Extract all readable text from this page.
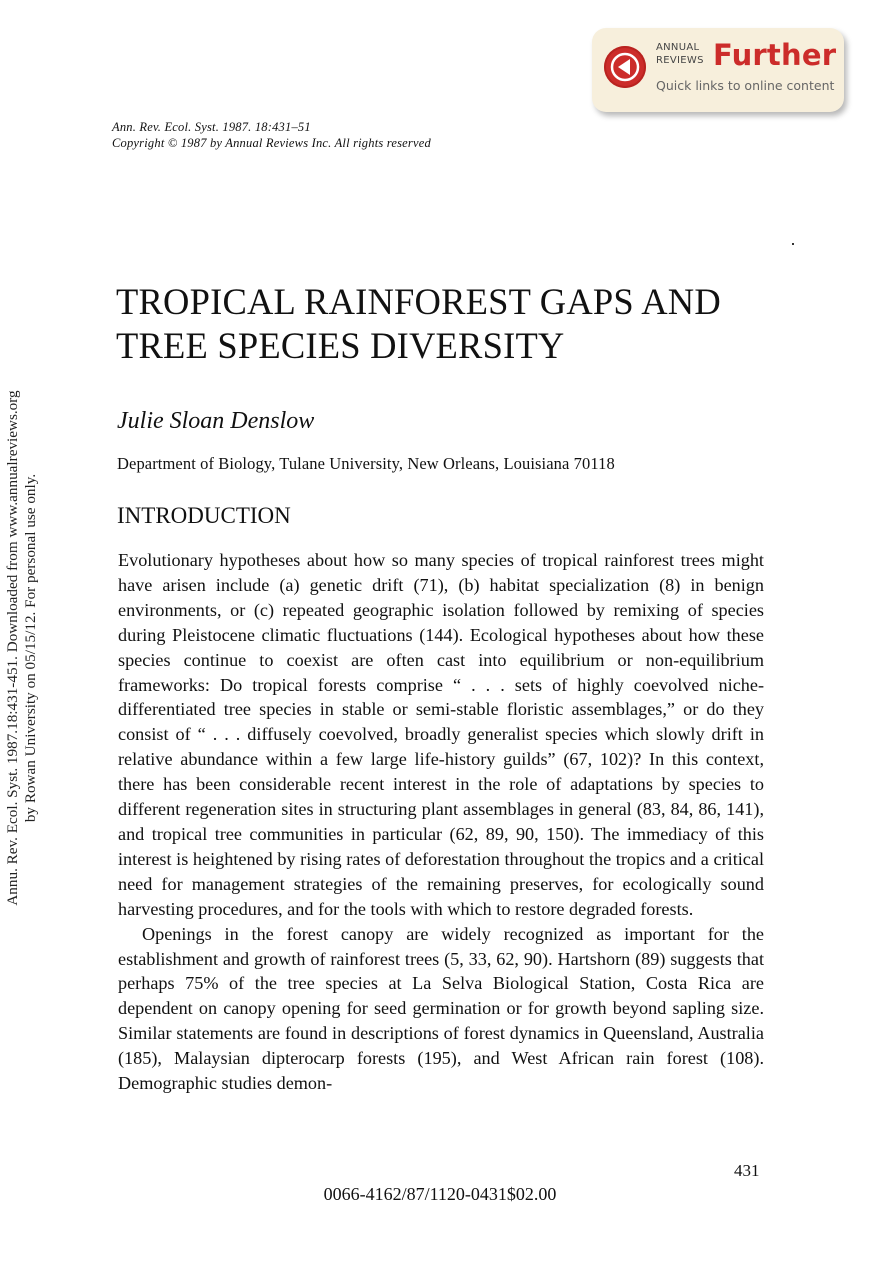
ANNUAL
REVIEWS Further
Quick links to online content
Ann. Rev. Ecol. Syst. 1987. 18:431–51
Copyright © 1987 by Annual Reviews Inc. All rights reserved
Annu. Rev. Ecol. Syst. 1987.18:431-451. Downloaded from www.annualreviews.org by Rowan University on 05/15/12. For personal use only.
TROPICAL RAINFOREST GAPS AND
TREE SPECIES DIVERSITY
Julie Sloan Denslow
Department of Biology, Tulane University, New Orleans, Louisiana 70118
INTRODUCTION

Evolutionary hypotheses about how so many species of tropical rainforest trees might have arisen include (a) genetic drift (71), (b) habitat specialization (8) in benign environments, or (c) repeated geographic isolation followed by remixing of species during Pleistocene climatic fluctuations (144). Ecological hypotheses about how these species continue to coexist are often cast into equilibrium or non-equilibrium frameworks: Do tropical forests comprise “ . . . sets of highly coevolved niche-differentiated tree species in stable or semi-stable floristic assemblages,” or do they consist of “ . . . diffusely coevolved, broadly generalist species which slowly drift in relative abundance within a few large life-history guilds” (67, 102)? In this context, there has been considerable recent interest in the role of adaptations by species to different regeneration sites in structuring plant assemblages in general (83, 84, 86, 141), and tropical tree communities in particular (62, 89, 90, 150). The immediacy of this interest is heightened by rising rates of deforestation throughout the tropics and a critical need for management strategies of the remaining preserves, for ecologically sound harvesting procedures, and for the tools with which to restore degraded forests.

Openings in the forest canopy are widely recognized as important for the establishment and growth of rainforest trees (5, 33, 62, 90). Hartshorn (89) suggests that perhaps 75% of the tree species at La Selva Biological Station, Costa Rica are dependent on canopy opening for seed germination or for growth beyond sapling size. Similar statements are found in descriptions of forest dynamics in Queensland, Australia (185), Malaysian dipterocarp forests (195), and West African rain forest (108). Demographic studies demon-

431
0066-4162/87/1120-0431$02.00
